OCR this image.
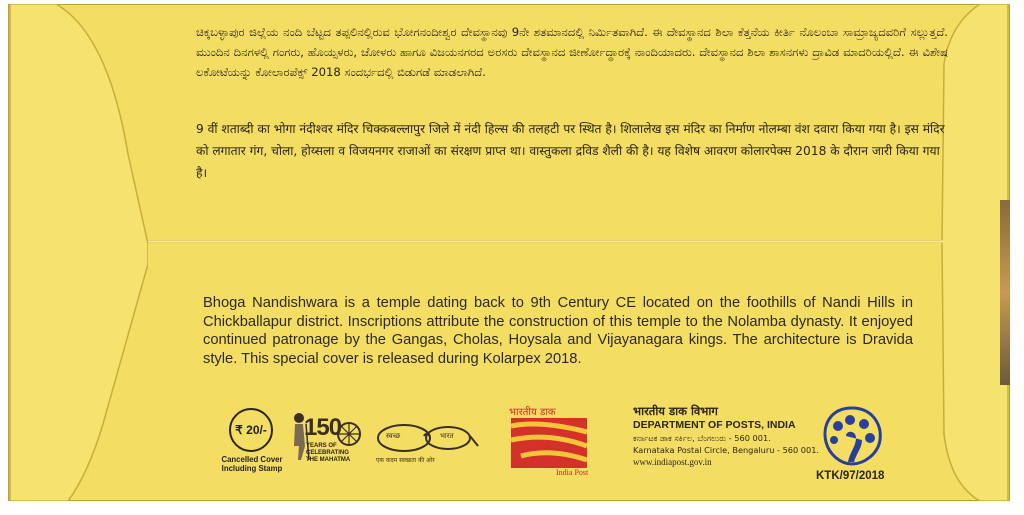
ಚಿಕ್ಕಬಳ್ಳಾಪುರ ಜಿಲ್ಲೆಯ ನಂದಿ ಬೆಟ್ಟದ ತಪ್ಪಲಿನಲ್ಲಿರುವ ಭೋಗನಂದೀಶ್ವರ ದೇವಸ್ಥಾನವು 9ನೇ ಶತಮಾನದಲ್ಲಿ ನಿರ್ಮಿತವಾಗಿದೆ. ಈ ದೇವಸ್ಥಾನದ ಶಿಲಾ ಕೆತ್ತನೆಯ ಕೀರ್ತಿ ನೊಲಂಬಾ ಸಾಮ್ರಾಜ್ಯದವರಿಗೆ ಸಲ್ಲುತ್ತದೆ. ಮುಂದಿನ ದಿನಗಳಲ್ಲಿ ಗಂಗರು, ಹೊಯ್ಸಳರು, ಚೋಳರು ಹಾಗೂ ವಿಜಯನಗರದ ಅರಸರು ದೇವಸ್ಥಾನದ ಜೀರ್ಣೋದ್ಧಾರಕ್ಕೆ ನಾಂದಿಯಾದರು. ದೇವಸ್ಥಾನದ ಶಿಲಾ ಶಾಸನಗಳು ದ್ರಾವಿಡ ಮಾದರಿಯಲ್ಲಿದೆ. ಈ ವಿಶೇಷ ಲಕೋಟೆಯನ್ನು ಕೋಲಾರಪೆಕ್ಸ್ 2018 ಸಂದರ್ಭದಲ್ಲಿ ಬಿಡುಗಡೆ ಮಾಡಲಾಗಿದೆ.

9 वीं शताब्दी का भोगा नंदीश्वर मंदिर चिक्कबल्लापुर जिले में नंदी हिल्स की तलहटी पर स्थित है। शिलालेख इस मंदिर का निर्माण नोलम्बा वंश दवारा किया गया है। इस मंदिर को लगातार गंग, चोला, होय्सला व विजयनगर राजाओं का संरक्षण प्राप्त था। वास्तुकला द्रविड शैली की है। यह विशेष आवरण कोलारपेक्स 2018 के दौरान जारी किया गया है।

Bhoga Nandishwara is a temple dating back to 9th Century CE located on the foothills of Nandi Hills in Chickballapur district. Inscriptions attribute the construction of this temple to the Nolamba dynasty. It enjoyed continued patronage by the Gangas, Cholas, Hoysala and Vijayanagara kings. The architecture is Dravida style. This special cover is released during Kolarpex 2018.

₹ 20/-
Cancelled Cover
Including Stamp
150
YEARS OF
CELEBRATING
THE MAHATMA
स्वच्छ	भारत
एक कदम स्वच्छता की ओर
भारतीय डाक
India Post
भारतीय डाक विभाग
DEPARTMENT OF POSTS, INDIA
ಕರ್ನಾಟಕ ಡಾಕ ಸರ್ಕಿಲ, ಬೆಂಗಲುರು - 560 001.
Karnataka Postal Circle, Bengaluru - 560 001.
www.indiapost.gov.in
KTK/97/2018
